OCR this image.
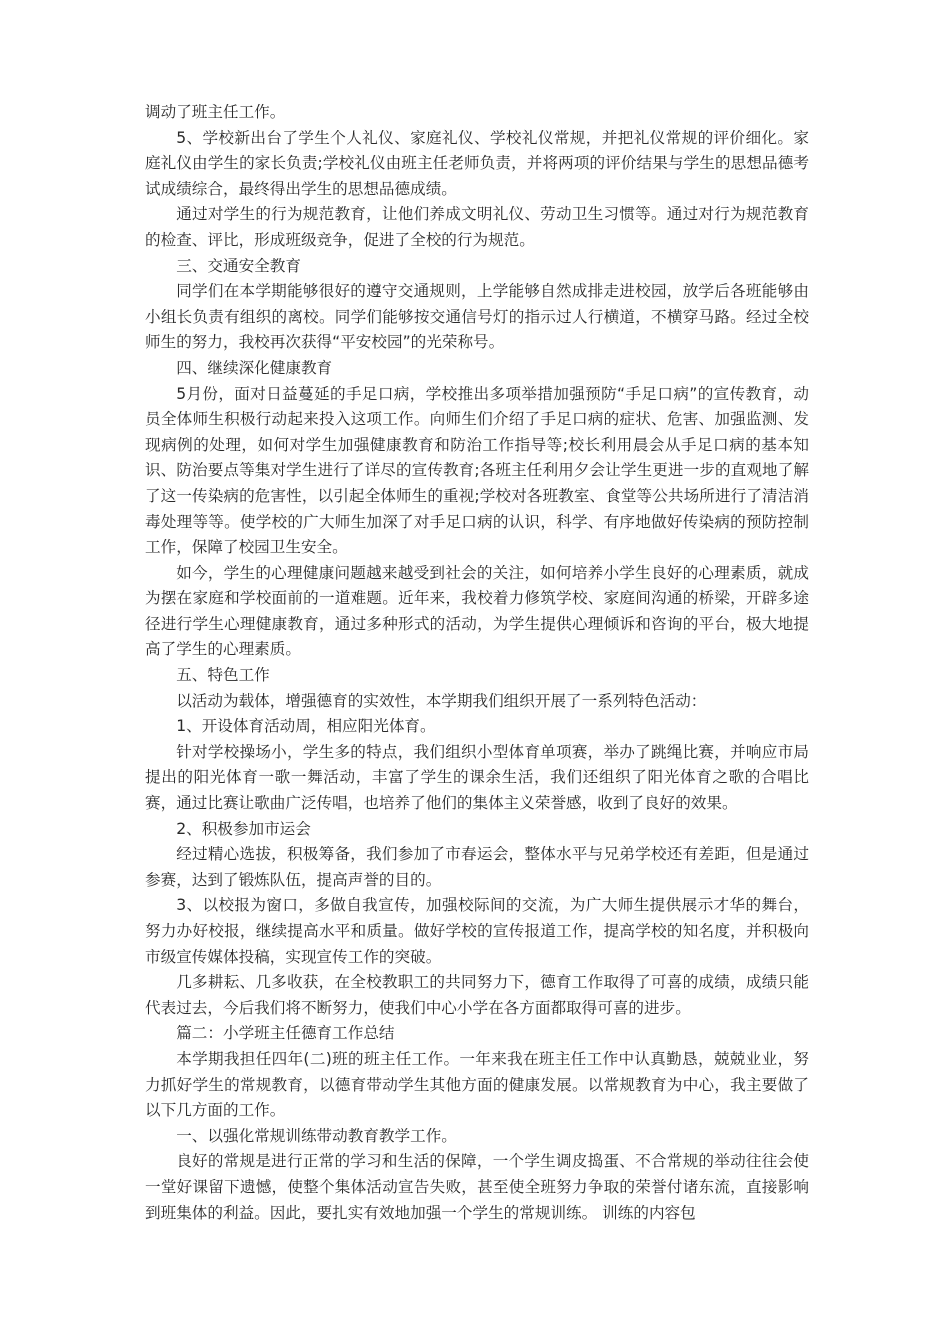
调动了班主任工作。

5、学校新出台了学生个人礼仪、家庭礼仪、学校礼仪常规，并把礼仪常规的评价细化。家庭礼仪由学生的家长负责;学校礼仪由班主任老师负责，并将两项的评价结果与学生的思想品德考试成绩综合，最终得出学生的思想品德成绩。

通过对学生的行为规范教育，让他们养成文明礼仪、劳动卫生习惯等。通过对行为规范教育的检查、评比，形成班级竞争，促进了全校的行为规范。

三、交通安全教育

同学们在本学期能够很好的遵守交通规则，上学能够自然成排走进校园，放学后各班能够由小组长负责有组织的离校。同学们能够按交通信号灯的指示过人行横道，不横穿马路。经过全校师生的努力，我校再次获得“平安校园”的光荣称号。

四、继续深化健康教育

5月份，面对日益蔓延的手足口病，学校推出多项举措加强预防“手足口病”的宣传教育，动员全体师生积极行动起来投入这项工作。向师生们介绍了手足口病的症状、危害、加强监测、发现病例的处理，如何对学生加强健康教育和防治工作指导等;校长利用晨会从手足口病的基本知识、防治要点等集对学生进行了详尽的宣传教育;各班主任利用夕会让学生更进一步的直观地了解了这一传染病的危害性，以引起全体师生的重视;学校对各班教室、食堂等公共场所进行了清洁消毒处理等等。使学校的广大师生加深了对手足口病的认识，科学、有序地做好传染病的预防控制工作，保障了校园卫生安全。

如今，学生的心理健康问题越来越受到社会的关注，如何培养小学生良好的心理素质，就成为摆在家庭和学校面前的一道难题。近年来，我校着力修筑学校、家庭间沟通的桥梁，开辟多途径进行学生心理健康教育，通过多种形式的活动，为学生提供心理倾诉和咨询的平台，极大地提高了学生的心理素质。

五、特色工作

以活动为载体，增强德育的实效性，本学期我们组织开展了一系列特色活动：

1、开设体育活动周，相应阳光体育。

针对学校操场小，学生多的特点，我们组织小型体育单项赛，举办了跳绳比赛，并响应市局提出的阳光体育一歌一舞活动，丰富了学生的课余生活，我们还组织了阳光体育之歌的合唱比赛，通过比赛让歌曲广泛传唱，也培养了他们的集体主义荣誉感，收到了良好的效果。

2、积极参加市运会

经过精心选拔，积极筹备，我们参加了市春运会，整体水平与兄弟学校还有差距，但是通过参赛，达到了锻炼队伍，提高声誉的目的。

3、以校报为窗口，多做自我宣传，加强校际间的交流，为广大师生提供展示才华的舞台，努力办好校报，继续提高水平和质量。做好学校的宣传报道工作，提高学校的知名度，并积极向市级宣传媒体投稿，实现宣传工作的突破。

几多耕耘、几多收获，在全校教职工的共同努力下，德育工作取得了可喜的成绩，成绩只能代表过去，今后我们将不断努力，使我们中心小学在各方面都取得可喜的进步。

篇二：小学班主任德育工作总结

本学期我担任四年(二)班的班主任工作。一年来我在班主任工作中认真勤恳，兢兢业业，努力抓好学生的常规教育，以德育带动学生其他方面的健康发展。以常规教育为中心，我主要做了以下几方面的工作。

一、以强化常规训练带动教育教学工作。

良好的常规是进行正常的学习和生活的保障，一个学生调皮捣蛋、不合常规的举动往往会使一堂好课留下遗憾，使整个集体活动宣告失败，甚至使全班努力争取的荣誉付诸东流，直接影响到班集体的利益。因此，要扎实有效地加强一个学生的常规训练。 训练的内容包
